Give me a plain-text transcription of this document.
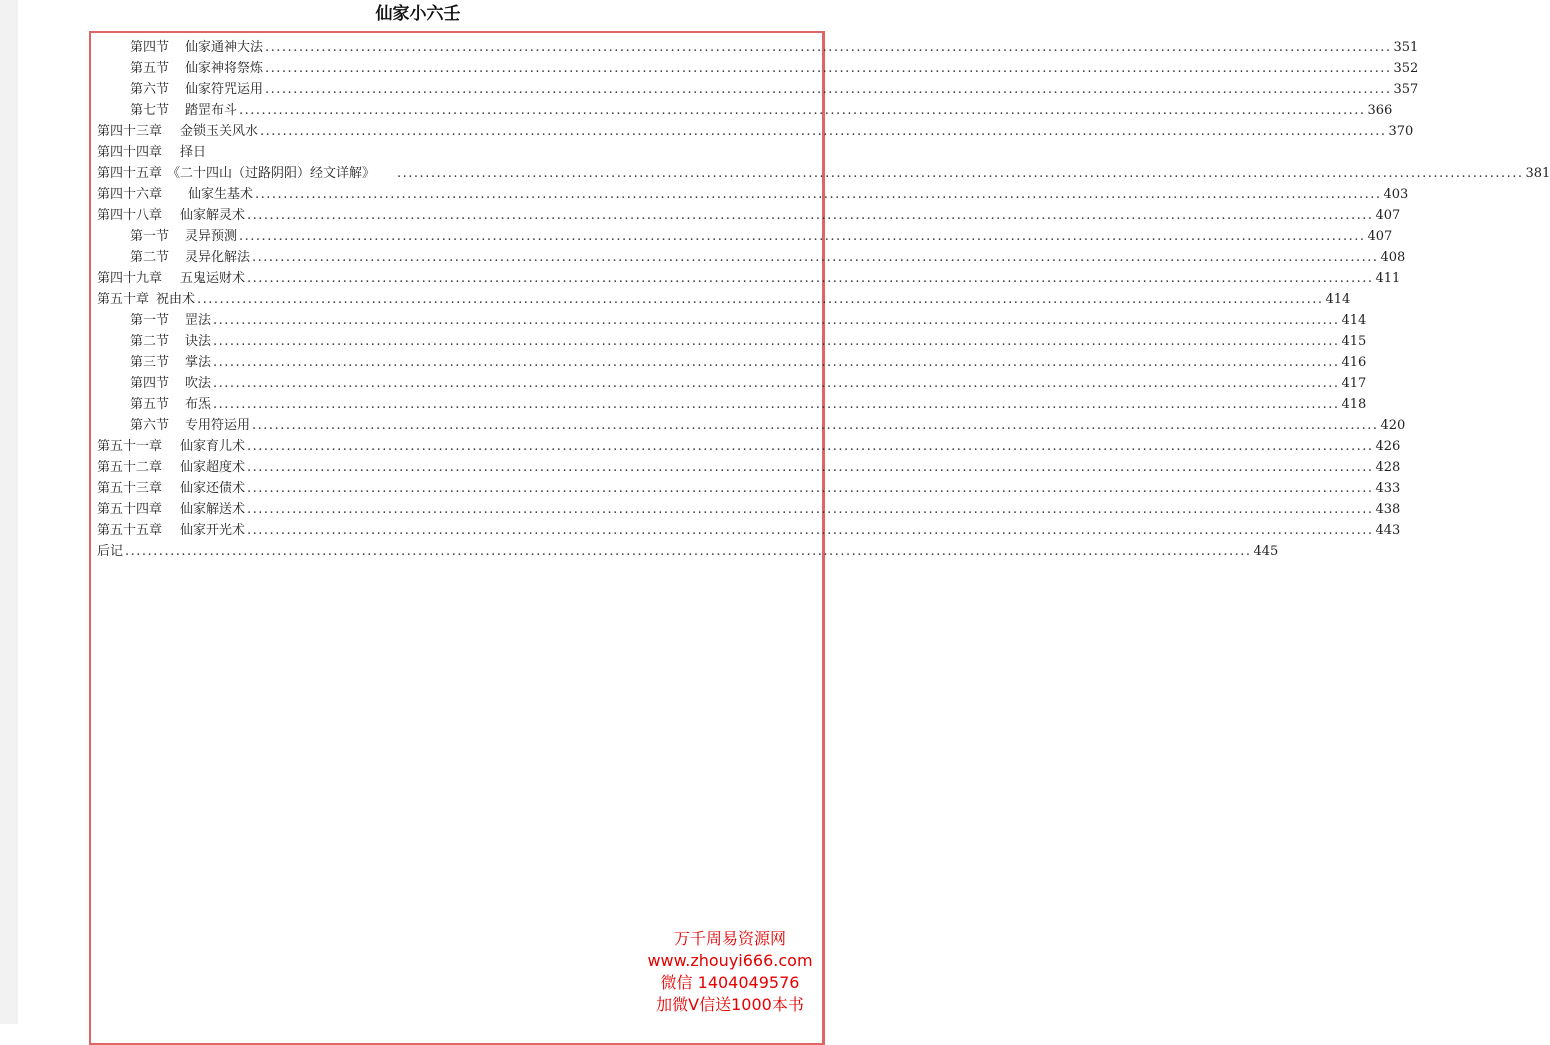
仙家小六壬
第四节 仙家通神大法 ........................................................................................................................................................................................................ 351
第五节 仙家神将祭炼 ........................................................................................................................................................................................................ 352
第六节 仙家符咒运用 ........................................................................................................................................................................................................ 357
第七节 踏罡布斗 ........................................................................................................................................................................................................ 366
第四十三章 金锁玉关风水 ........................................................................................................................................................................................................ 370
第四十四章 择日
第四十五章 《二十四山（过路阴阳）经文详解》 ........................................................................................................................................................................................................ 381
第四十六章 仙家生基术 ........................................................................................................................................................................................................ 403
第四十八章 仙家解灵术 ........................................................................................................................................................................................................ 407
第一节 灵异预测 ........................................................................................................................................................................................................ 407
第二节 灵异化解法 ........................................................................................................................................................................................................ 408
第四十九章 五鬼运财术 ........................................................................................................................................................................................................ 411
第五十章 祝由术 ........................................................................................................................................................................................................ 414
第一节 罡法 ........................................................................................................................................................................................................ 414
第二节 诀法 ........................................................................................................................................................................................................ 415
第三节 掌法 ........................................................................................................................................................................................................ 416
第四节 吹法 ........................................................................................................................................................................................................ 417
第五节 布炁 ........................................................................................................................................................................................................ 418
第六节 专用符运用 ........................................................................................................................................................................................................ 420
第五十一章 仙家育儿术 ........................................................................................................................................................................................................ 426
第五十二章 仙家超度术 ........................................................................................................................................................................................................ 428
第五十三章 仙家还债术 ........................................................................................................................................................................................................ 433
第五十四章 仙家解送术 ........................................................................................................................................................................................................ 438
第五十五章 仙家开光术 ........................................................................................................................................................................................................ 443
后记 ........................................................................................................................................................................................................ 445
万千周易资源网
www.zhouyi666.com
微信 1404049576
加微V信送1000本书
